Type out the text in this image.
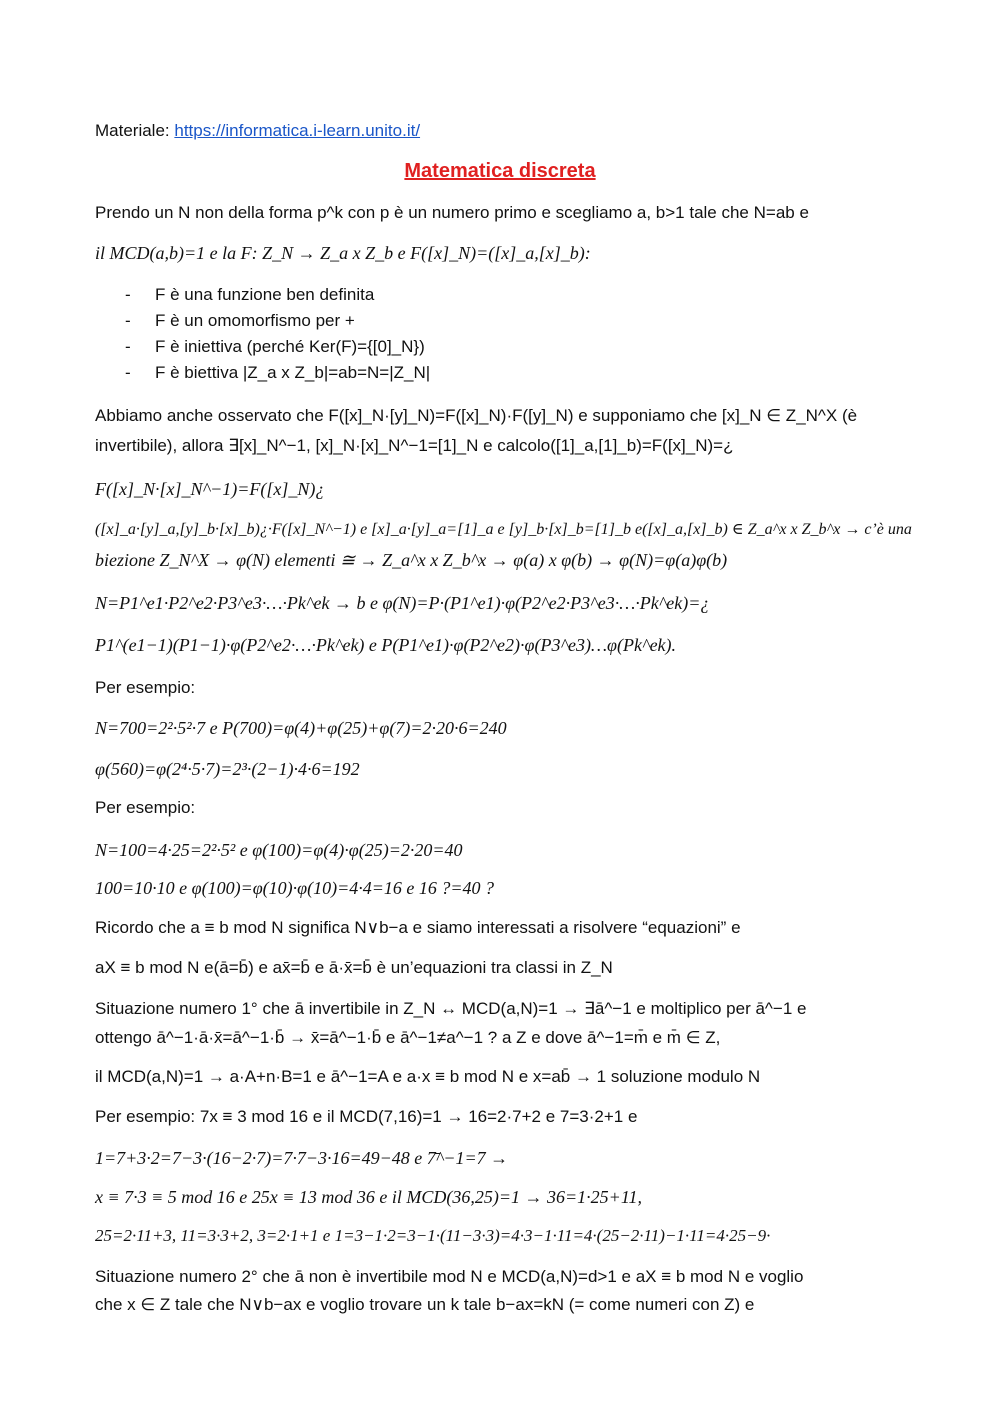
Materiale: https://informatica.i-learn.unito.it/
Matematica discreta
Prendo un N non della forma p^k con p è un numero primo e scegliamo a, b>1 tale che N=ab e
il MCD(a,b)=1 e la F: Z_N → Z_a x Z_b e F([x]_N)=([x]_a,[x]_b):
- F è una funzione ben definita
- F è un omomorfismo per +
- F è iniettiva (perché Ker(F)={[0]_N})
- F è biettiva |Z_a x Z_b|=ab=N=|Z_N|
Abbiamo anche osservato che F([x]_N·[y]_N)=F([x]_N)·F([y]_N) e supponiamo che [x]_N ∈ Z_N^X (è
invertibile), allora ∃[x]_N^−1, [x]_N·[x]_N^−1=[1]_N e calcolo([1]_a,[1]_b)=F([x]_N)=¿
F([x]_N·[x]_N^−1)=F([x]_N)¿
([x]_a·[y]_a,[y]_b·[x]_b)¿·F([x]_N^−1) e [x]_a·[y]_a=[1]_a e [y]_b·[x]_b=[1]_b e([x]_a,[x]_b) ∈ Z_a^x x Z_b^x → c’è una
biezione Z_N^X → φ(N) elementi ≅ → Z_a^x x Z_b^x → φ(a) x φ(b) → φ(N)=φ(a)φ(b)
N=P1^e1·P2^e2·P3^e3·…·Pk^ek → b e φ(N)=P·(P1^e1)·φ(P2^e2·P3^e3·…·Pk^ek)=¿
P1^(e1−1)(P1−1)·φ(P2^e2·…·Pk^ek) e P(P1^e1)·φ(P2^e2)·φ(P3^e3)…φ(Pk^ek).
Per esempio:
N=700=2²·5²·7 e P(700)=φ(4)+φ(25)+φ(7)=2·20·6=240
φ(560)=φ(2⁴·5·7)=2³·(2−1)·4·6=192
Per esempio:
N=100=4·25=2²·5² e φ(100)=φ(4)·φ(25)=2·20=40
100=10·10 e φ(100)=φ(10)·φ(10)=4·4=16 e 16 ?=40 ?
Ricordo che a ≡ b mod N significa N∨b−a e siamo interessati a risolvere “equazioni” e
aX ≡ b mod N e(ā=b̄) e ax̄=b̄ e ā·x̄=b̄ è un’equazioni tra classi in Z_N
Situazione numero 1° che ā invertibile in Z_N ↔ MCD(a,N)=1 → ∃ā^−1 e moltiplico per ā^−1 e
ottengo ā^−1·ā·x̄=ā^−1·b̄ → x̄=ā^−1·b̄ e ā^−1≠a^−1 ? a Z e dove ā^−1=m̄ e m̄ ∈ Z,
il MCD(a,N)=1 → a·A+n·B=1 e ā^−1=A e a·x ≡ b mod N e x=ab̄ → 1 soluzione modulo N
Per esempio: 7x ≡ 3 mod 16 e il MCD(7,16)=1 → 16=2·7+2 e 7=3·2+1 e
1=7+3·2=7−3·(16−2·7)=7·7−3·16=49−48 e 7̄^−1=7 →
x ≡ 7·3 ≡ 5 mod 16 e 25x ≡ 13 mod 36 e il MCD(36,25)=1 → 36=1·25+11,
25=2·11+3, 11=3·3+2, 3=2·1+1 e 1=3−1·2=3−1·(11−3·3)=4·3−1·11=4·(25−2·11)−1·11=4·25−9·
Situazione numero 2° che ā non è invertibile mod N e MCD(a,N)=d>1 e aX ≡ b mod N e voglio
che x ∈ Z tale che N∨b−ax e voglio trovare un k tale b−ax=kN (= come numeri con Z) e
